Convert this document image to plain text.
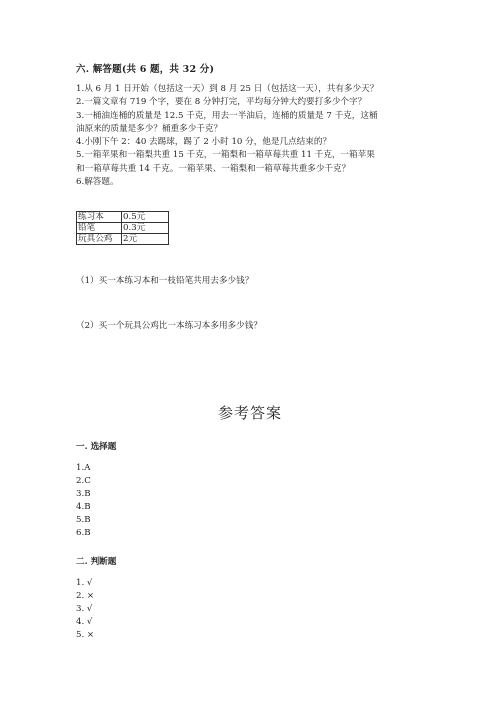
六. 解答题(共 6 题，共 32 分)
1.从 6 月 1 日开始（包括这一天）到 8 月 25 日（包括这一天），共有多少天？
2.一篇文章有 719 个字，要在 8 分钟打完，平均每分钟大约要打多少个字？
3.一桶油连桶的质量是 12.5 千克，用去一半油后，连桶的质量是 7 千克，这桶
油原来的质量是多少？桶重多少千克？
4.小刚下午 2：40 去踢球，踢了 2 小时 10 分，他是几点结束的？
5.一箱苹果和一箱梨共重 15 千克，一箱梨和一箱草莓共重 11 千克，一箱苹果
和一箱草莓共重 14 千克。一箱苹果、一箱梨和一箱草莓共重多少千克？
6.解答题。
练习本	0.5元
铅笔	0.3元
玩具公鸡	2元
（1）买一本练习本和一枝铅笔共用去多少钱？
（2）买一个玩具公鸡比一本练习本多用多少钱？
参考答案
一. 选择题
1.A
2.C
3.B
4.B
5.B
6.B
二. 判断题
1. √
2. ×
3. √
4. √
5. ×
